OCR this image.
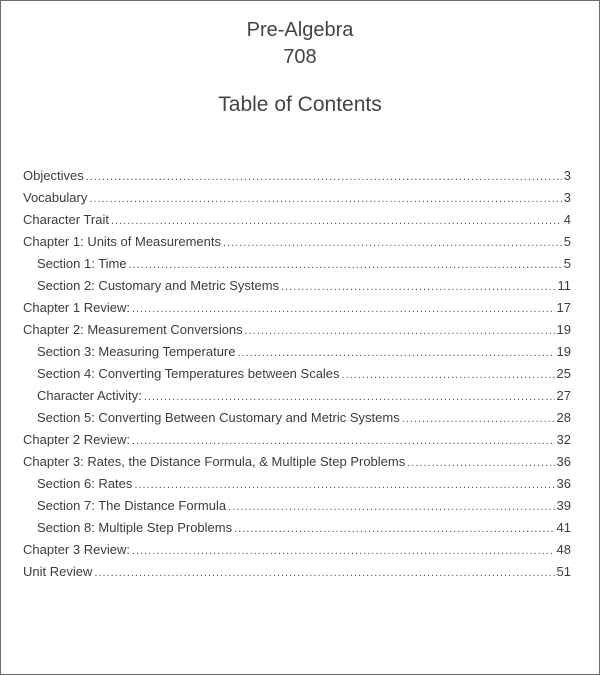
Pre-Algebra
708
Table of Contents
Objectives .....	3
Vocabulary .....	3
Character Trait .....	4
Chapter 1: Units of Measurements .....	5
Section 1: Time .....	5
Section 2: Customary and Metric Systems .....	11
Chapter 1 Review: .....	17
Chapter 2: Measurement Conversions .....	19
Section 3: Measuring Temperature .....	19
Section 4: Converting Temperatures between Scales .....	25
Character Activity: .....	27
Section 5: Converting Between Customary and Metric Systems .....	28
Chapter 2 Review: .....	32
Chapter 3: Rates, the Distance Formula, & Multiple Step Problems .....	36
Section 6: Rates .....	36
Section 7: The Distance Formula .....	39
Section 8: Multiple Step Problems .....	41
Chapter 3 Review: .....	48
Unit Review .....	51
